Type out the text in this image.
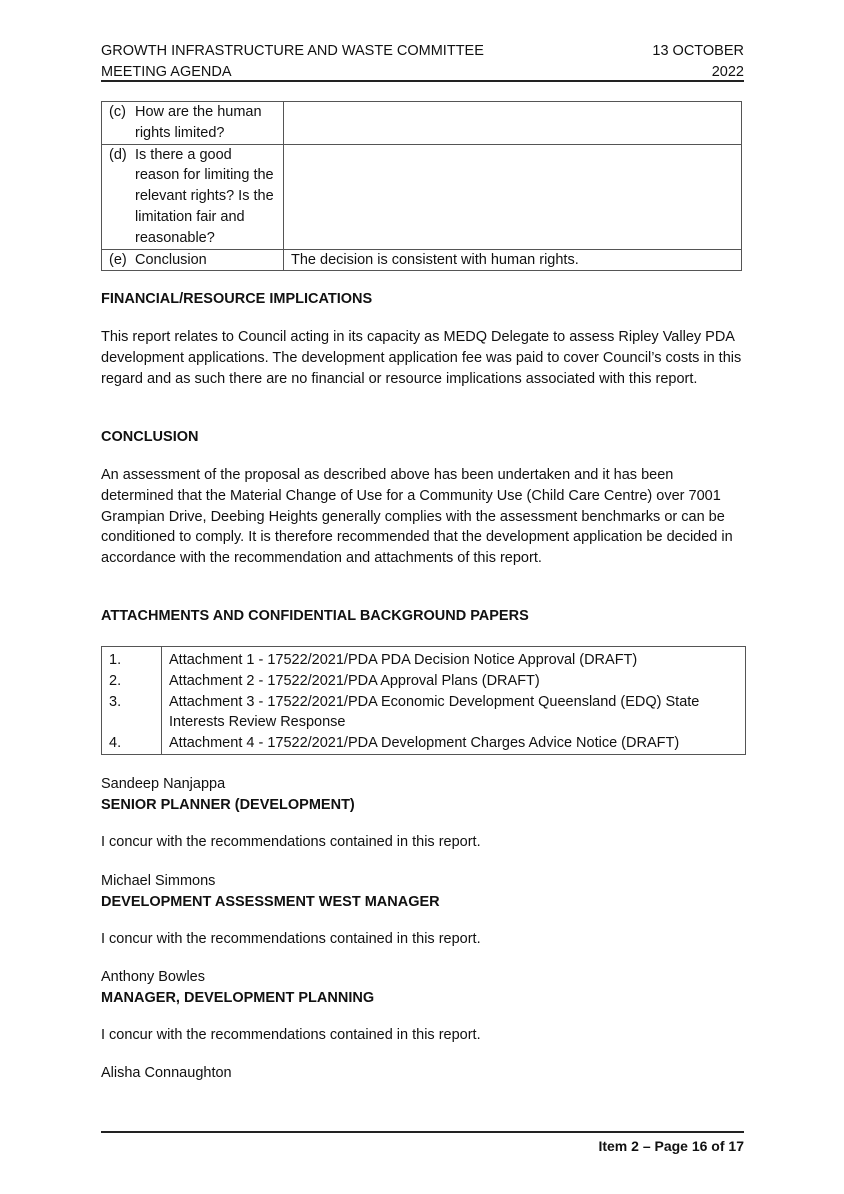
GROWTH INFRASTRUCTURE AND WASTE COMMITTEE
MEETING AGENDA
13 OCTOBER
2022
(c) How are the human rights limited?	

(d) Is there a good reason for limiting the relevant rights? Is the limitation fair and reasonable?	

(e) Conclusion	The decision is consistent with human rights.
FINANCIAL/RESOURCE IMPLICATIONS
This report relates to Council acting in its capacity as MEDQ Delegate to assess Ripley Valley PDA development applications. The development application fee was paid to cover Council’s costs in this regard and as such there are no financial or resource implications associated with this report.
CONCLUSION
An assessment of the proposal as described above has been undertaken and it has been determined that the Material Change of Use for a Community Use (Child Care Centre) over 7001 Grampian Drive, Deebing Heights generally complies with the assessment benchmarks or can be conditioned to comply. It is therefore recommended that the development application be decided in accordance with the recommendation and attachments of this report.
ATTACHMENTS AND CONFIDENTIAL BACKGROUND PAPERS
1.	Attachment 1 - 17522/2021/PDA PDA Decision Notice Approval (DRAFT)
2.	Attachment 2 - 17522/2021/PDA Approval Plans (DRAFT)
3.	Attachment 3 - 17522/2021/PDA Economic Development Queensland (EDQ) State Interests Review Response
4.	Attachment 4 - 17522/2021/PDA Development Charges Advice Notice (DRAFT)
Sandeep Nanjappa
SENIOR PLANNER (DEVELOPMENT)
I concur with the recommendations contained in this report.
Michael Simmons
DEVELOPMENT ASSESSMENT WEST MANAGER
I concur with the recommendations contained in this report.
Anthony Bowles
MANAGER, DEVELOPMENT PLANNING
I concur with the recommendations contained in this report.
Alisha Connaughton
Item 2 – Page 16 of 17
